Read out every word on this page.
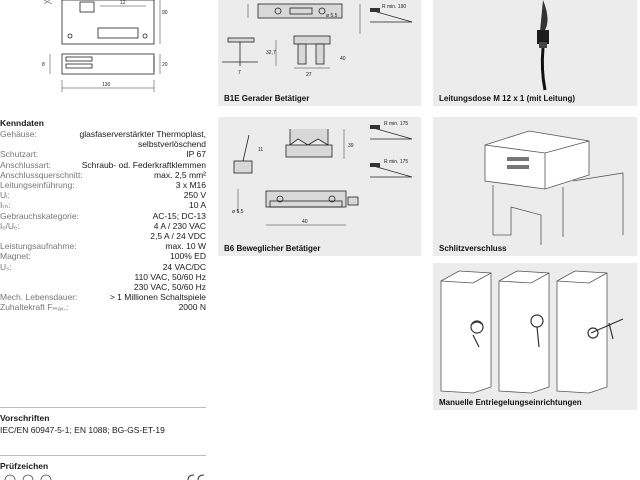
12
90
8	20
130
ø 5,5
27
7
32,7
40
R min. 190
B1E Gerader Betätiger	Leitungsdose M 12 x 1 (mit Leitung)
Kenndaten
Gehäuse:	glasfaserverstärkter Thermoplast,
selbstverlöschend
Schutzart:	IP 67
Anschlussart:	Schraub- od. Federkraftklemmen
Anschlussquerschnitt:	max. 2,5 mm²
Leitungseinführung:	3 x M16
Uᵢ:	250 V
Iₜₕ:	10 A
Gebrauchskategorie:	AC-15; DC-13
Iₑ/Uₑ:	4 A / 230 VAC
2,5 A / 24 VDC
Leistungsaufnahme:	max. 10 W
Magnet:	100% ED
Uₛ:	24 VAC/DC
110 VAC, 50/60 Hz
230 VAC, 50/60 Hz
Mech. Lebensdauer:	> 1 Millionen Schaltspiele
Zuhaltekraft Fₘₐₓ.:	2000 N
11
39
ø 5,5
40
R min. 175
R min. 175
B6 Beweglicher Betätiger	Schlitzverschluss
Manuelle Entriegelungseinrichtungen
Vorschriften
IEC/EN 60947-5-1; EN 1088; BG-GS-ET-19
Prüfzeichen
